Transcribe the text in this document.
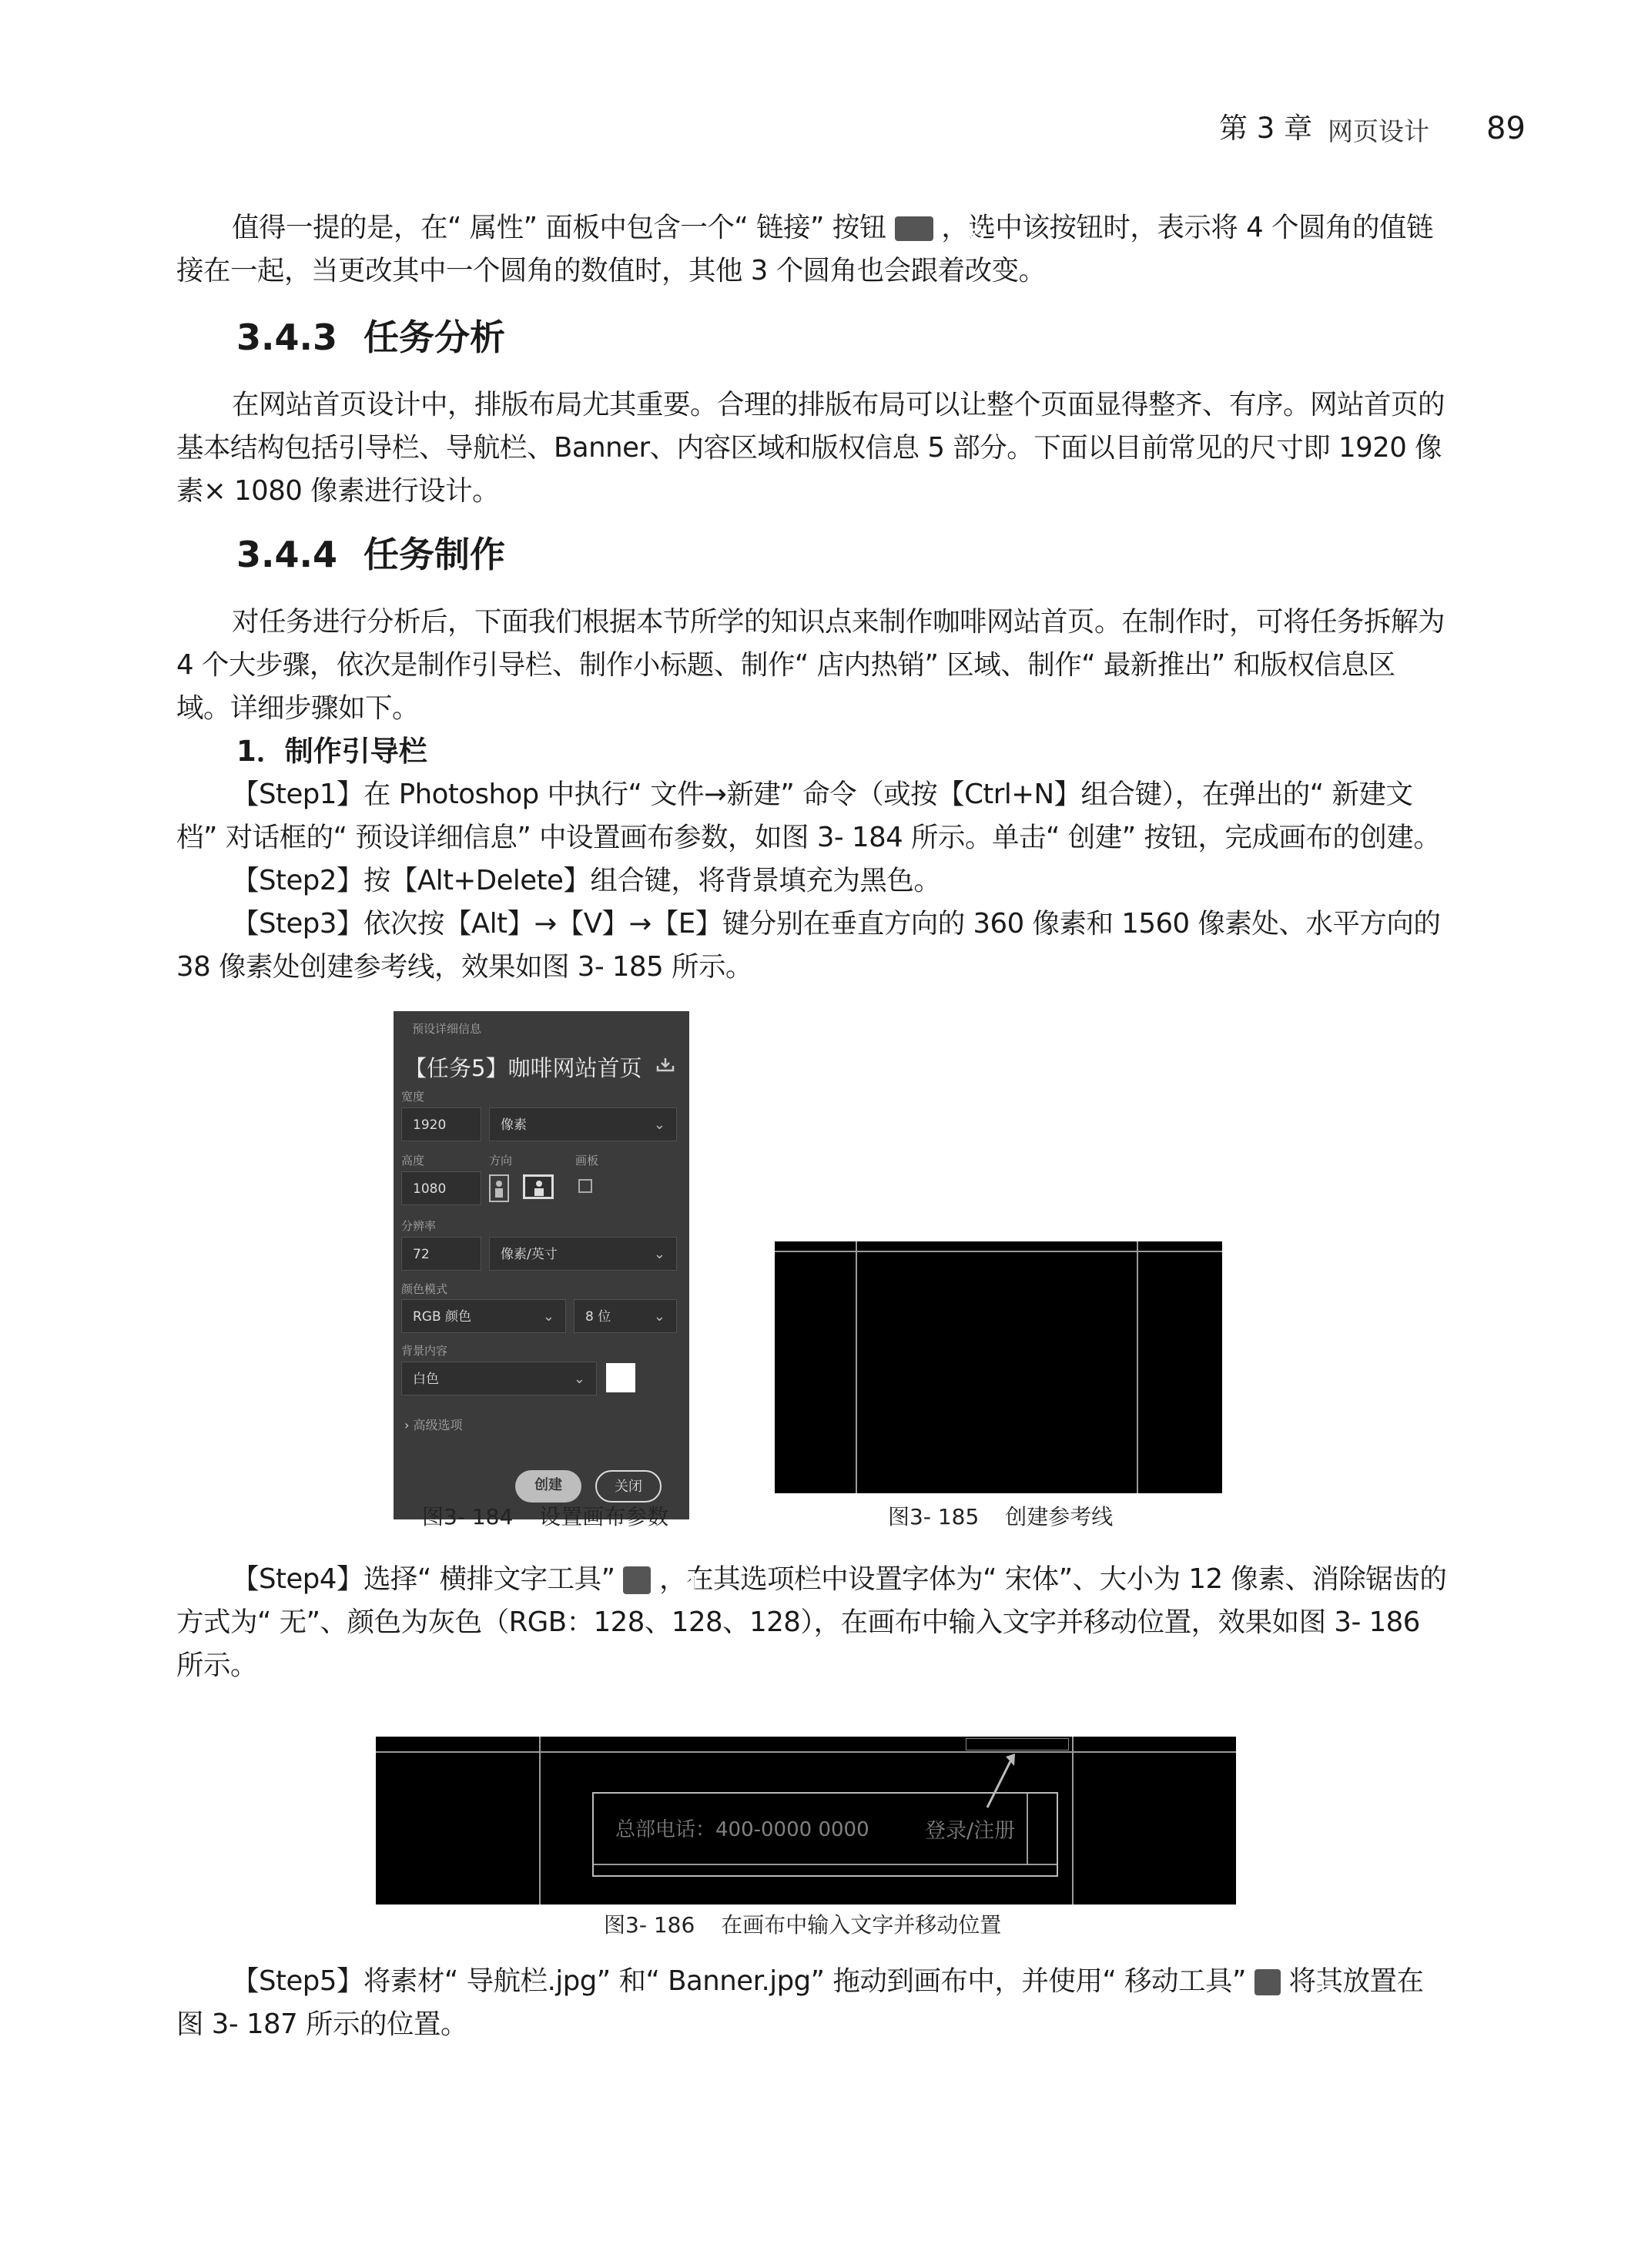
第 3 章 网页设计 89

值得一提的是，在“ 属性” 面板中包含一个“ 链接” 按钮 ，选中该按钮时，表示将 4 个圆角的值链接在一起，当更改其中一个圆角的数值时，其他 3 个圆角也会跟着改变。

3.4.3 任务分析

在网站首页设计中，排版布局尤其重要。合理的排版布局可以让整个页面显得整齐、有序。网站首页的基本结构包括引导栏、导航栏、Banner、内容区域和版权信息 5 部分。下面以目前常见的尺寸即 1920 像素× 1080 像素进行设计。

3.4.4 任务制作

对任务进行分析后，下面我们根据本节所学的知识点来制作咖啡网站首页。在制作时，可将任务拆解为 4 个大步骤，依次是制作引导栏、制作小标题、制作“ 店内热销” 区域、制作“ 最新推出” 和版权信息区域。详细步骤如下。

1．制作引导栏

【Step1】在 Photoshop 中执行“ 文件→新建” 命令（或按【Ctrl+N】组合键），在弹出的“ 新建文档” 对话框的“ 预设详细信息” 中设置画布参数，如图 3- 184 所示。单击“ 创建” 按钮，完成画布的创建。

【Step2】按【Alt+Delete】组合键，将背景填充为黑色。

【Step3】依次按【Alt】→【V】→【E】键分别在垂直方向的 360 像素和 1560 像素处、水平方向的 38 像素处创建参考线，效果如图 3- 185 所示。

预设详细信息
【任务5】咖啡网站首页
宽度
1920	像素	⌄
高度	方向	画板
1080
分辨率
72	像素/英寸	⌄
颜色模式
RGB 颜色	⌄	8 位	⌄
背景内容
白色	⌄
› 高级选项
创建	关闭
图3- 184 设置画布参数	图3- 185 创建参考线

【Step4】选择“ 横排文字工具” ，在其选项栏中设置字体为“ 宋体”、大小为 12 像素、消除锯齿的方式为“ 无”、颜色为灰色（RGB：128、128、128），在画布中输入文字并移动位置，效果如图 3- 186 所示。

总部电话：400-0000 0000	登录/注册
图3- 186 在画布中输入文字并移动位置

【Step5】将素材“ 导航栏.jpg” 和“ Banner.jpg” 拖动到画布中，并使用“ 移动工具” 将其放置在图 3- 187 所示的位置。
